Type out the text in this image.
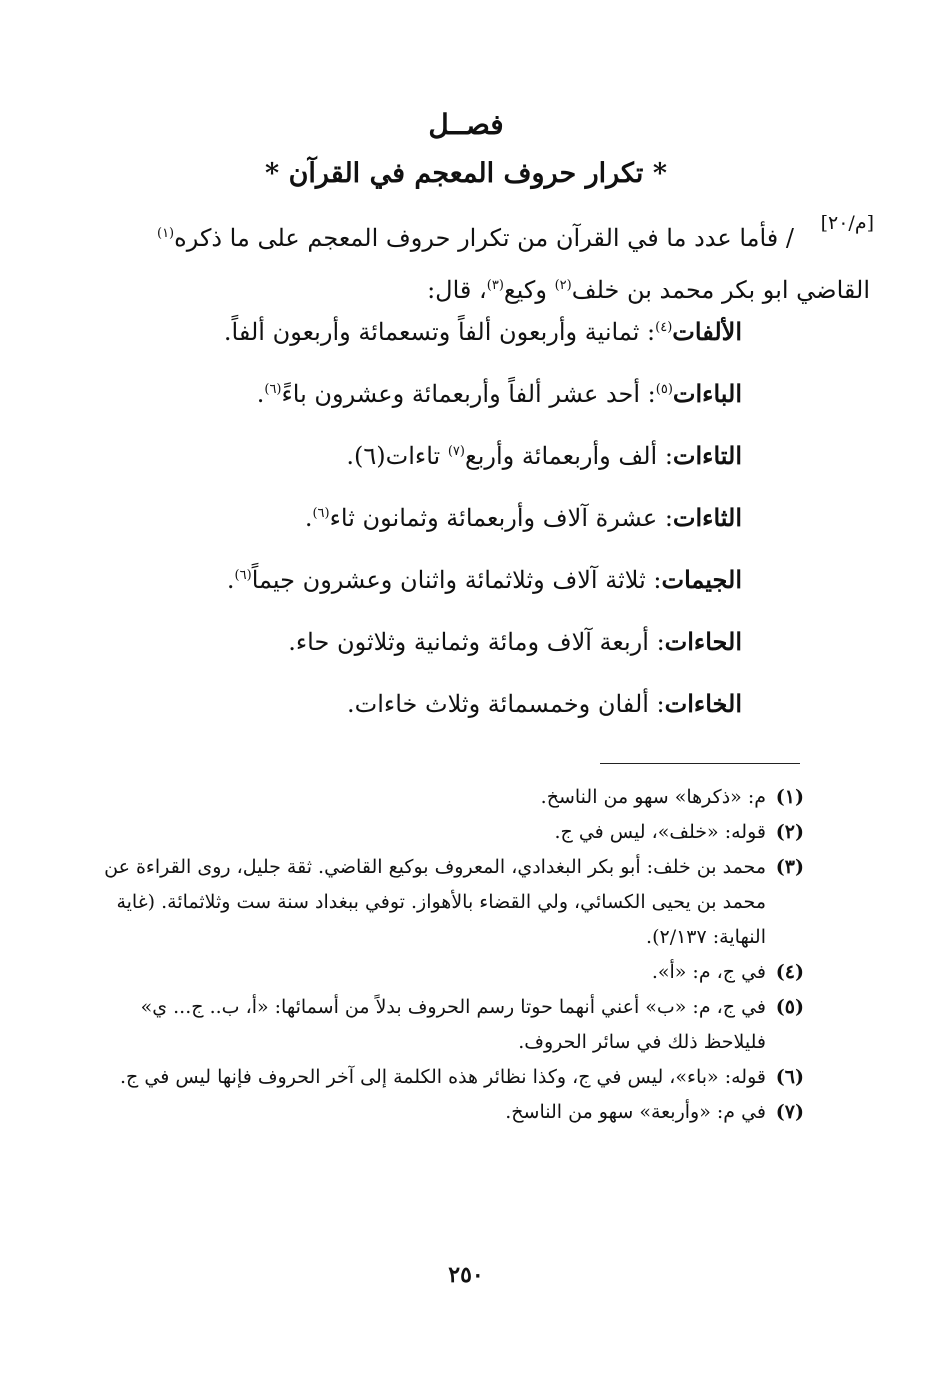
فصــل
* تكرار حروف المعجم في القرآن *
[م/٢٠]
/ فأما عدد ما في القرآن من تكرار حروف المعجم على ما ذكره$^{(١)}$
القاضي ابو بكر محمد بن خلف$^{(٢)}$ وكيع$^{(٣)}$، قال:
الألفات$^{(٤)}$: ثمانية وأربعون ألفاً وتسعمائة وأربعون ألفاً.
الباءات$^{(٥)}$: أحد عشر ألفاً وأربعمائة وعشرون باءً$^{(٦)}$.
التاءات: ألف وأربعمائة وأربع$^{(٧)}$ تاءات(٦).
الثاءات: عشرة آلاف وأربعمائة وثمانون ثاء$^{(٦)}$.
الجيمات: ثلاثة آلاف وثلاثمائة واثنان وعشرون جيماً$^{(٦)}$.
الحاءات: أربعة آلاف ومائة وثمانية وثلاثون حاء.
الخاءات: ألفان وخمسمائة وثلاث خاءات.
(١)
م: «ذكرها» سهو من الناسخ.
(٢)
قوله: «خلف»، ليس في ج.
(٣)
محمد بن خلف: أبو بكر البغدادي، المعروف بوكيع القاضي. ثقة جليل، روى القراءة عن محمد بن يحيى الكسائي، ولي القضاء بالأهواز. توفي ببغداد سنة ست وثلاثمائة. (غاية النهاية: ٢/١٣٧).
(٤)
في ج، م: «أ».
(٥)
في ج، م: «ب» أعني أنهما حوتا رسم الحروف بدلاً من أسمائها: «أ، ب.. ج... ي» فليلاحظ ذلك في سائر الحروف.
(٦)
قوله: «باء»، ليس في ج، وكذا نظائر هذه الكلمة إلى آخر الحروف فإنها ليس في ج.
(٧)
في م: «وأربعة» سهو من الناسخ.
٢٥٠
